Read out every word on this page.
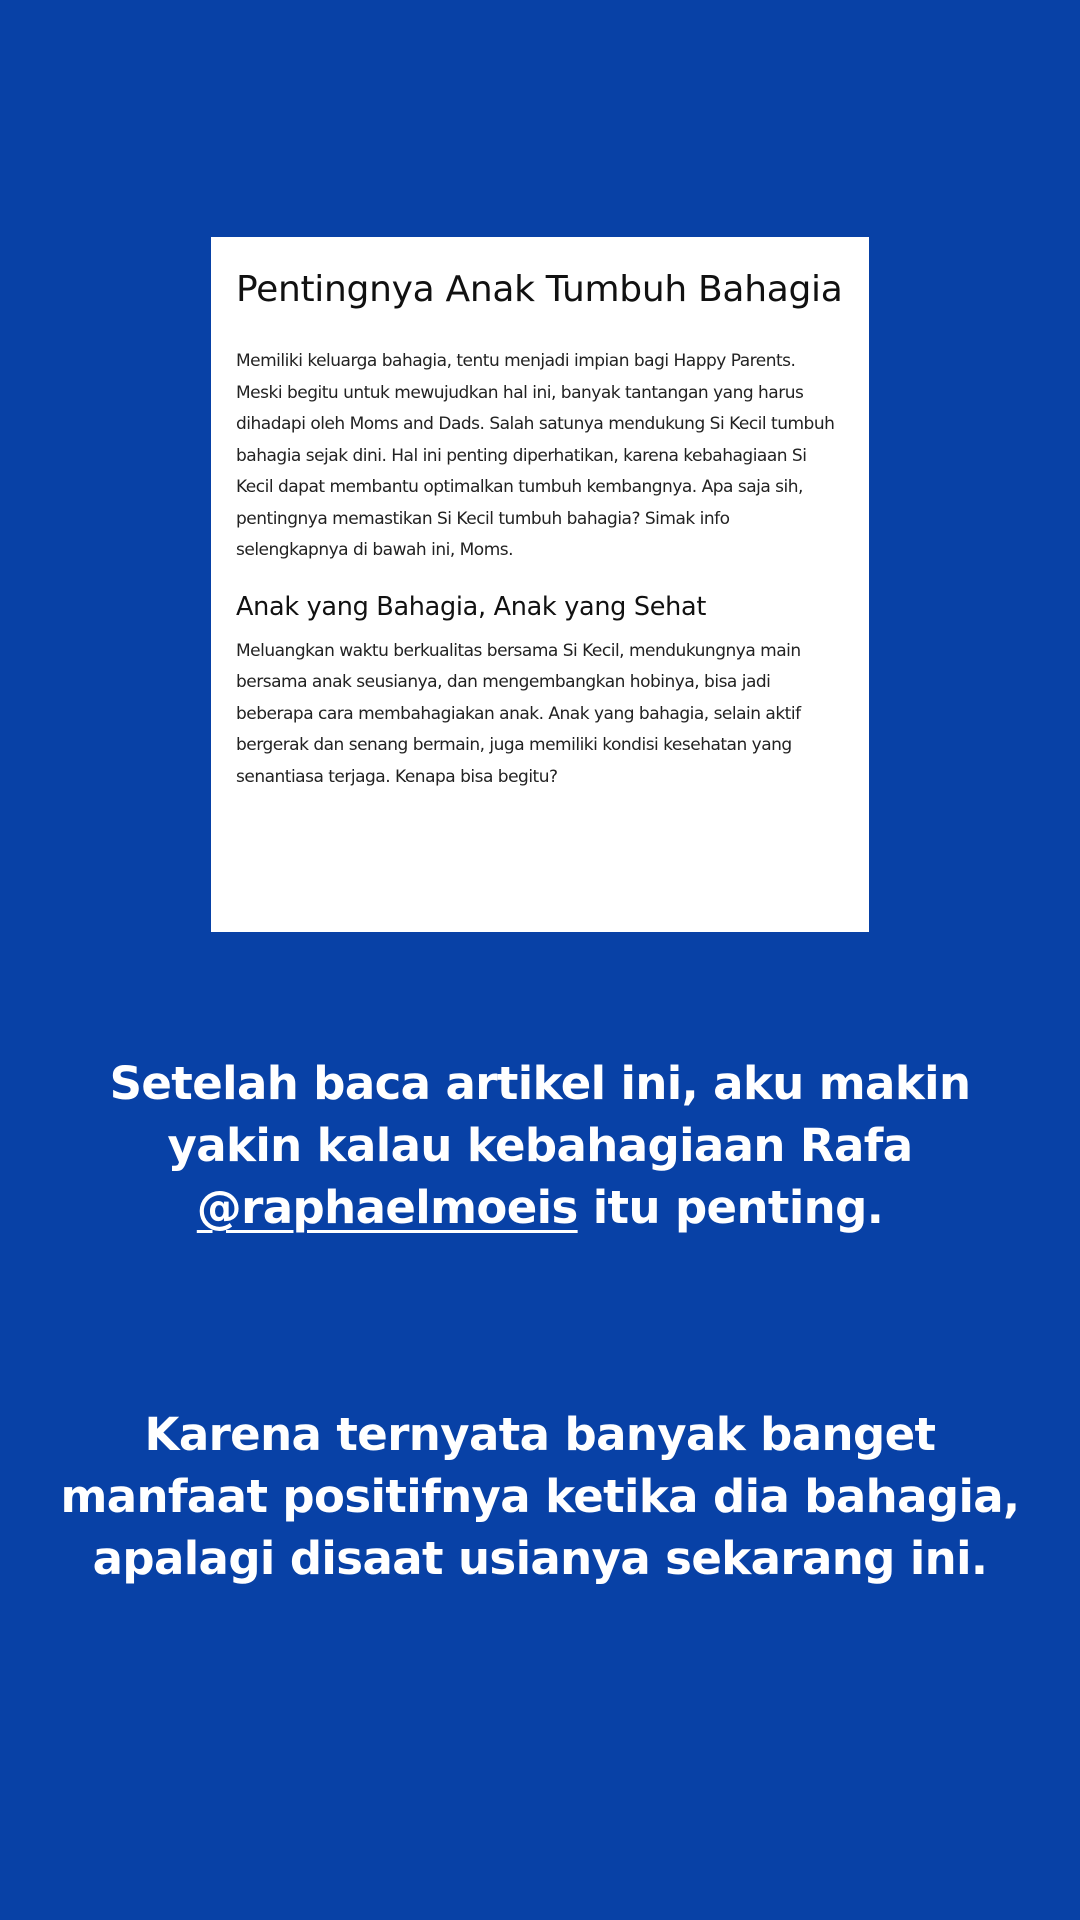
Pentingnya Anak Tumbuh Bahagia

Memiliki keluarga bahagia, tentu menjadi impian bagi Happy Parents. Meski begitu untuk mewujudkan hal ini, banyak tantangan yang harus dihadapi oleh Moms and Dads. Salah satunya mendukung Si Kecil tumbuh bahagia sejak dini. Hal ini penting diperhatikan, karena kebahagiaan Si Kecil dapat membantu optimalkan tumbuh kembangnya. Apa saja sih, pentingnya memastikan Si Kecil tumbuh bahagia? Simak info selengkapnya di bawah ini, Moms.

Anak yang Bahagia, Anak yang Sehat

Meluangkan waktu berkualitas bersama Si Kecil, mendukungnya main bersama anak seusianya, dan mengembangkan hobinya, bisa jadi beberapa cara membahagiakan anak. Anak yang bahagia, selain aktif bergerak dan senang bermain, juga memiliki kondisi kesehatan yang senantiasa terjaga. Kenapa bisa begitu?

Setelah baca artikel ini, aku makin yakin kalau kebahagiaan Rafa
@raphaelmoeis itu penting.

Karena ternyata banyak banget manfaat positifnya ketika dia bahagia, apalagi disaat usianya sekarang ini.
